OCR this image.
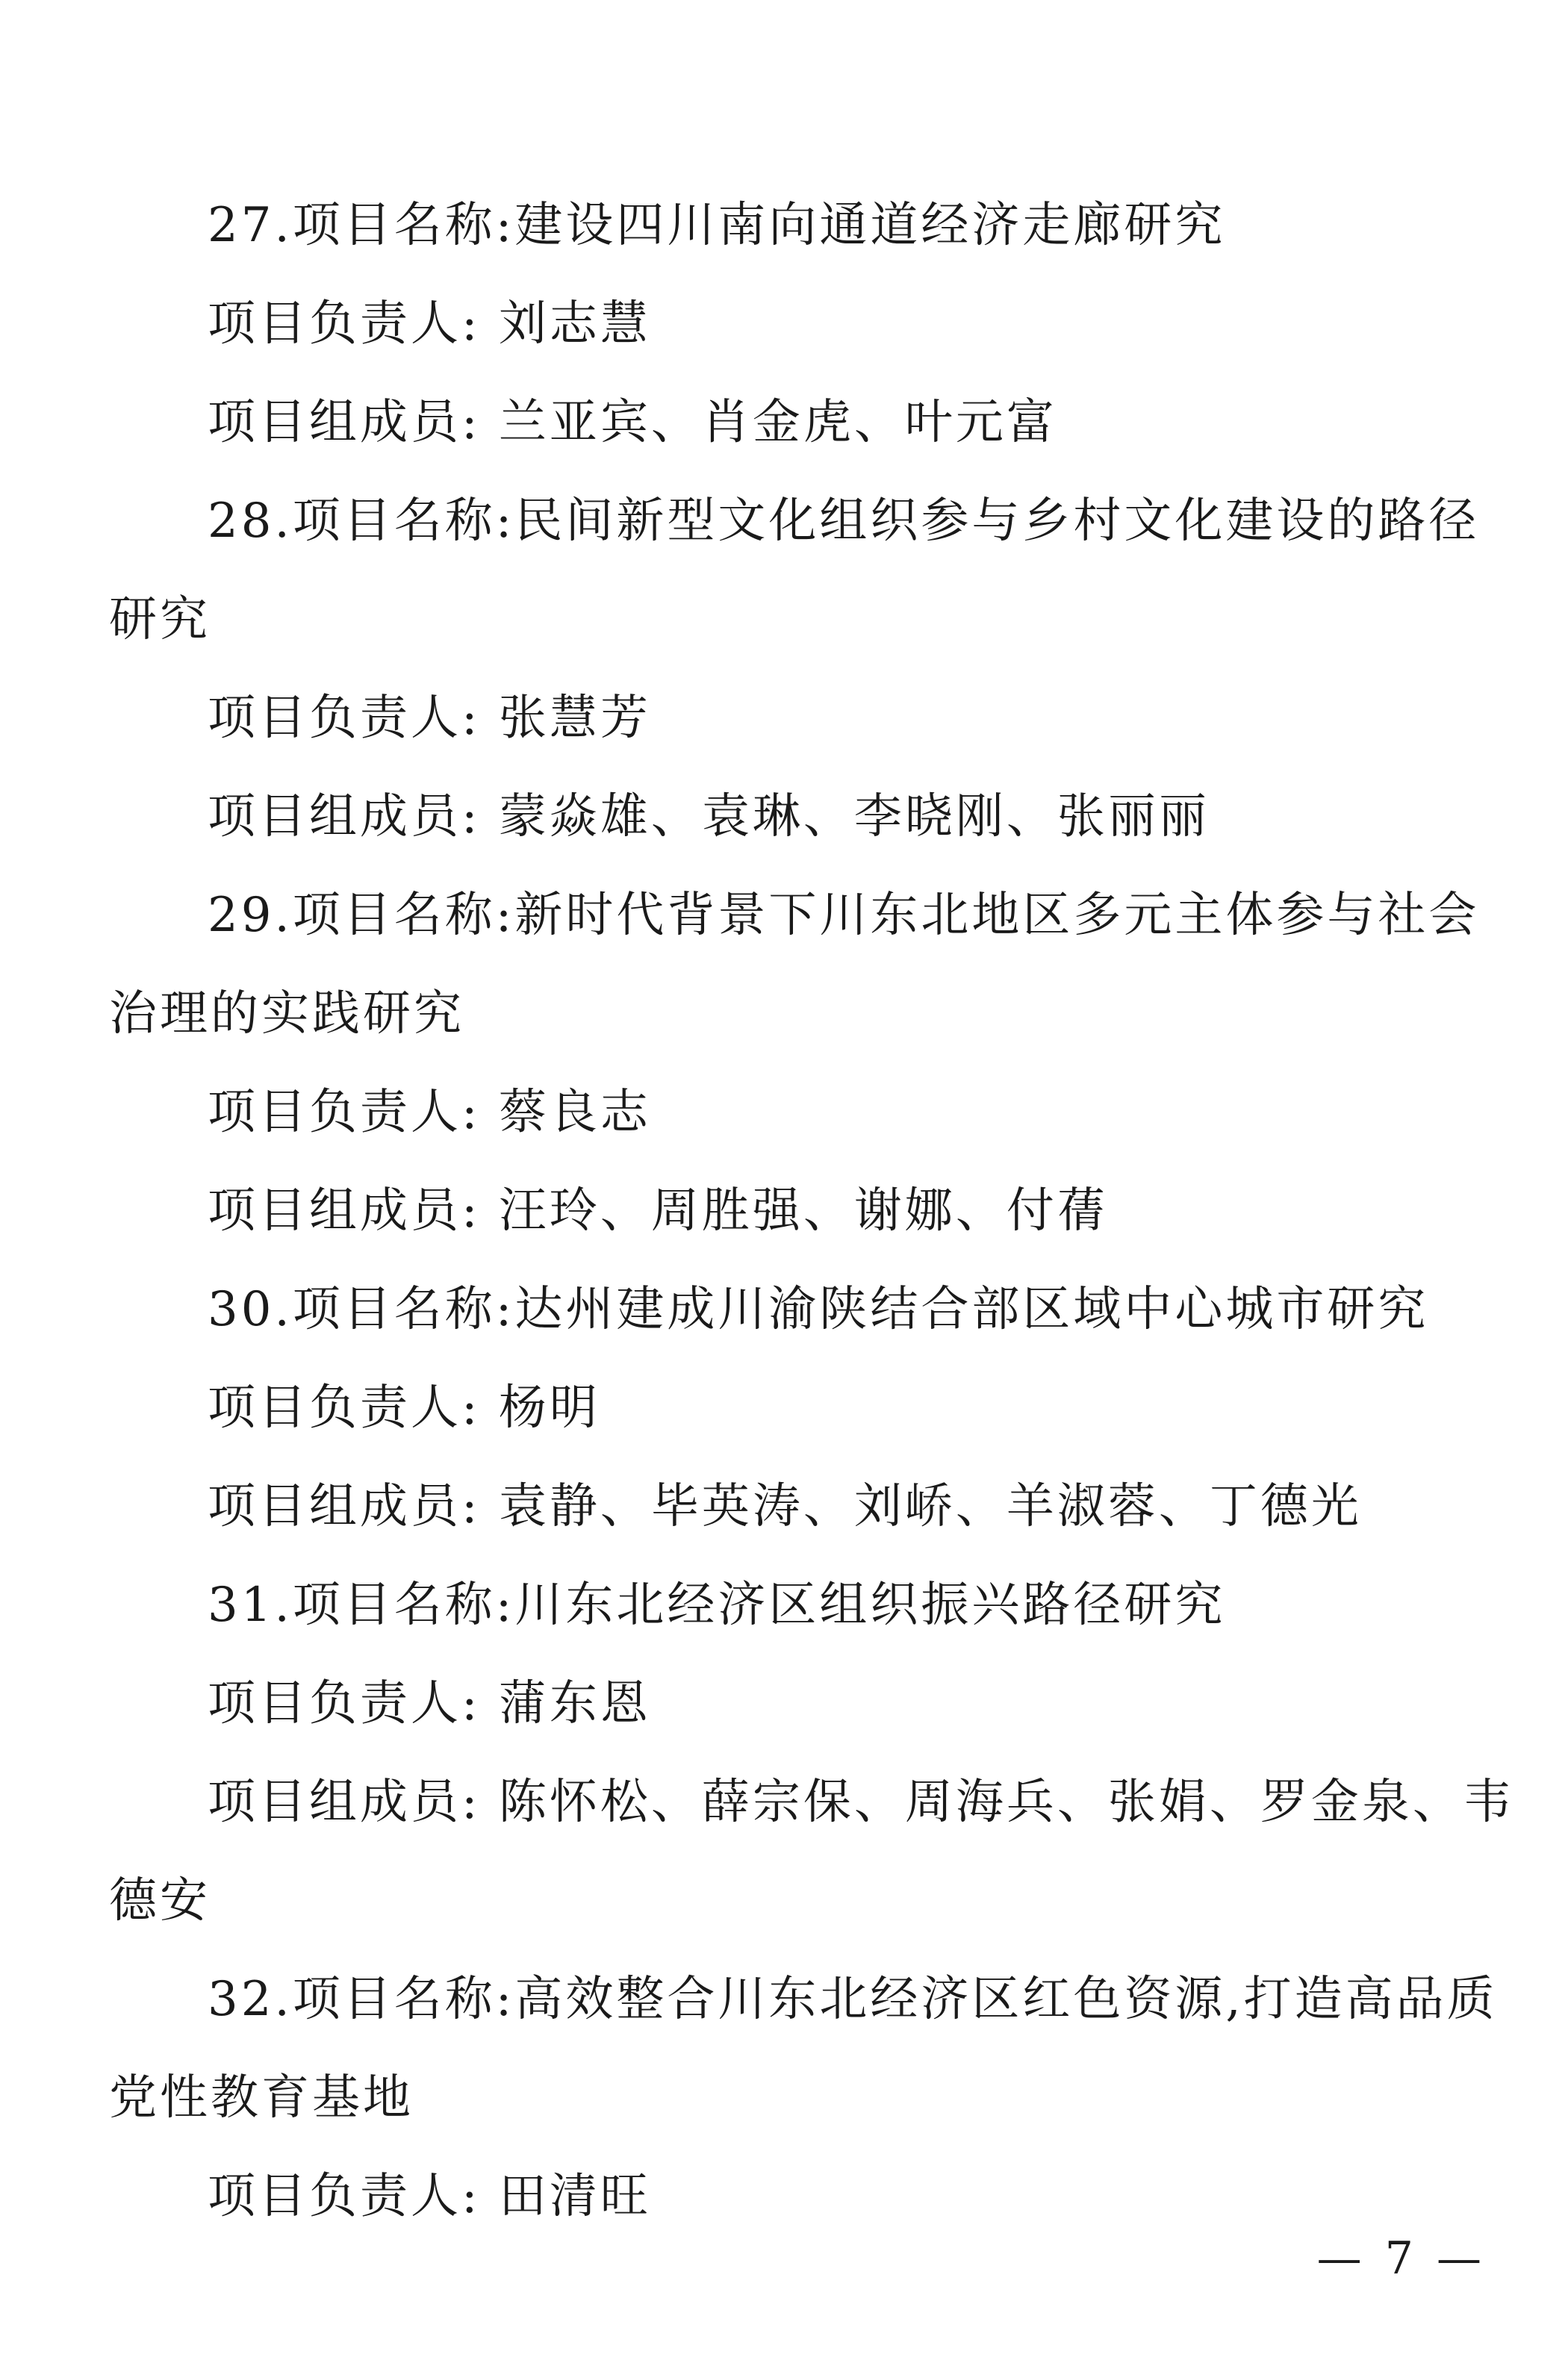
27.项目名称:建设四川南向通道经济走廊研究

项目负责人: 刘志慧

项目组成员: 兰亚宾、肖金虎、叶元富

28.项目名称:民间新型文化组织参与乡村文化建设的路径

研究

项目负责人: 张慧芳

项目组成员: 蒙焱雄、袁琳、李晓刚、张丽丽

29.项目名称:新时代背景下川东北地区多元主体参与社会

治理的实践研究

项目负责人: 蔡良志

项目组成员: 汪玲、周胜强、谢娜、付蒨

30.项目名称:达州建成川渝陕结合部区域中心城市研究

项目负责人: 杨明

项目组成员: 袁静、毕英涛、刘峤、羊淑蓉、丁德光

31.项目名称:川东北经济区组织振兴路径研究

项目负责人: 蒲东恩

项目组成员: 陈怀松、薛宗保、周海兵、张娟、罗金泉、韦

德安

32.项目名称:高效整合川东北经济区红色资源,打造高品质

党性教育基地

项目负责人: 田清旺

— 7 —
